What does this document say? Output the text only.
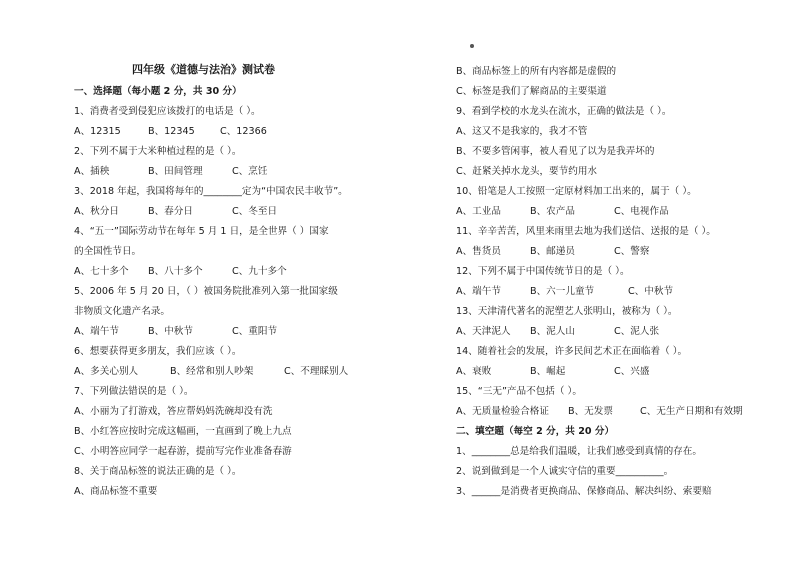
四年级《道德与法治》测试卷
一、选择题（每小题 2 分，共 30 分）
1、消费者受到侵犯应该拨打的电话是（ ）。
A、12315	B、12345	C、12366
2、下列不属于大米种植过程的是（ ）。
A、插秧	B、田间管理	C、烹饪
3、2018 年起，我国将每年的________定为“中国农民丰收节”。
A、秋分日	B、春分日	C、冬至日
4、“五一”国际劳动节在每年 5 月 1 日，是全世界（ ）国家
的全国性节日。
A、七十多个 B、八十多个	C、九十多个
5、2006 年 5 月 20 日，（ ）被国务院批准列入第一批国家级
非物质文化遗产名录。
A、端午节	B、中秋节	C、重阳节
6、想要获得更多朋友，我们应该（ ）。
A、多关心别人	B、经常和别人吵架	C、不理睬别人
7、下列做法错误的是（ ）。
A、小丽为了打游戏，答应帮妈妈洗碗却没有洗
B、小红答应按时完成这幅画，一直画到了晚上九点
C、小明答应同学一起春游，提前写完作业准备春游
8、关于商品标签的说法正确的是（ ）。
A、商品标签不重要
B、商品标签上的所有内容都是虚假的
C、标签是我们了解商品的主要渠道
9、看到学校的水龙头在流水，正确的做法是（ ）。
A、这又不是我家的，我才不管
B、不要多管闲事，被人看见了以为是我弄坏的
C、赶紧关掉水龙头，要节约用水
10、铅笔是人工按照一定原材料加工出来的，属于（ ）。
A、工业品	B、农产品	C、电视作品
11、辛辛苦苦，风里来雨里去地为我们送信、送报的是（ ）。
A、售货员	B、邮递员	C、警察
12、下列不属于中国传统节日的是（ ）。
A、端午节	B、六一儿童节	C、中秋节
13、天津清代著名的泥塑艺人张明山，被称为（ ）。
A、天津泥人 B、泥人山	C、泥人张
14、随着社会的发展，许多民间艺术正在面临着（ ）。
A、衰败	B、崛起	C、兴盛
15、“三无”产品不包括（ ）。
A、无质量检验合格证 B、无发票	C、无生产日期和有效期
二、填空题（每空 2 分，共 20 分）
1、________总是给我们温暖，让我们感受到真情的存在。
2、说到做到是一个人诚实守信的重要__________。
3、______是消费者更换商品、保修商品、解决纠纷、索要赔
